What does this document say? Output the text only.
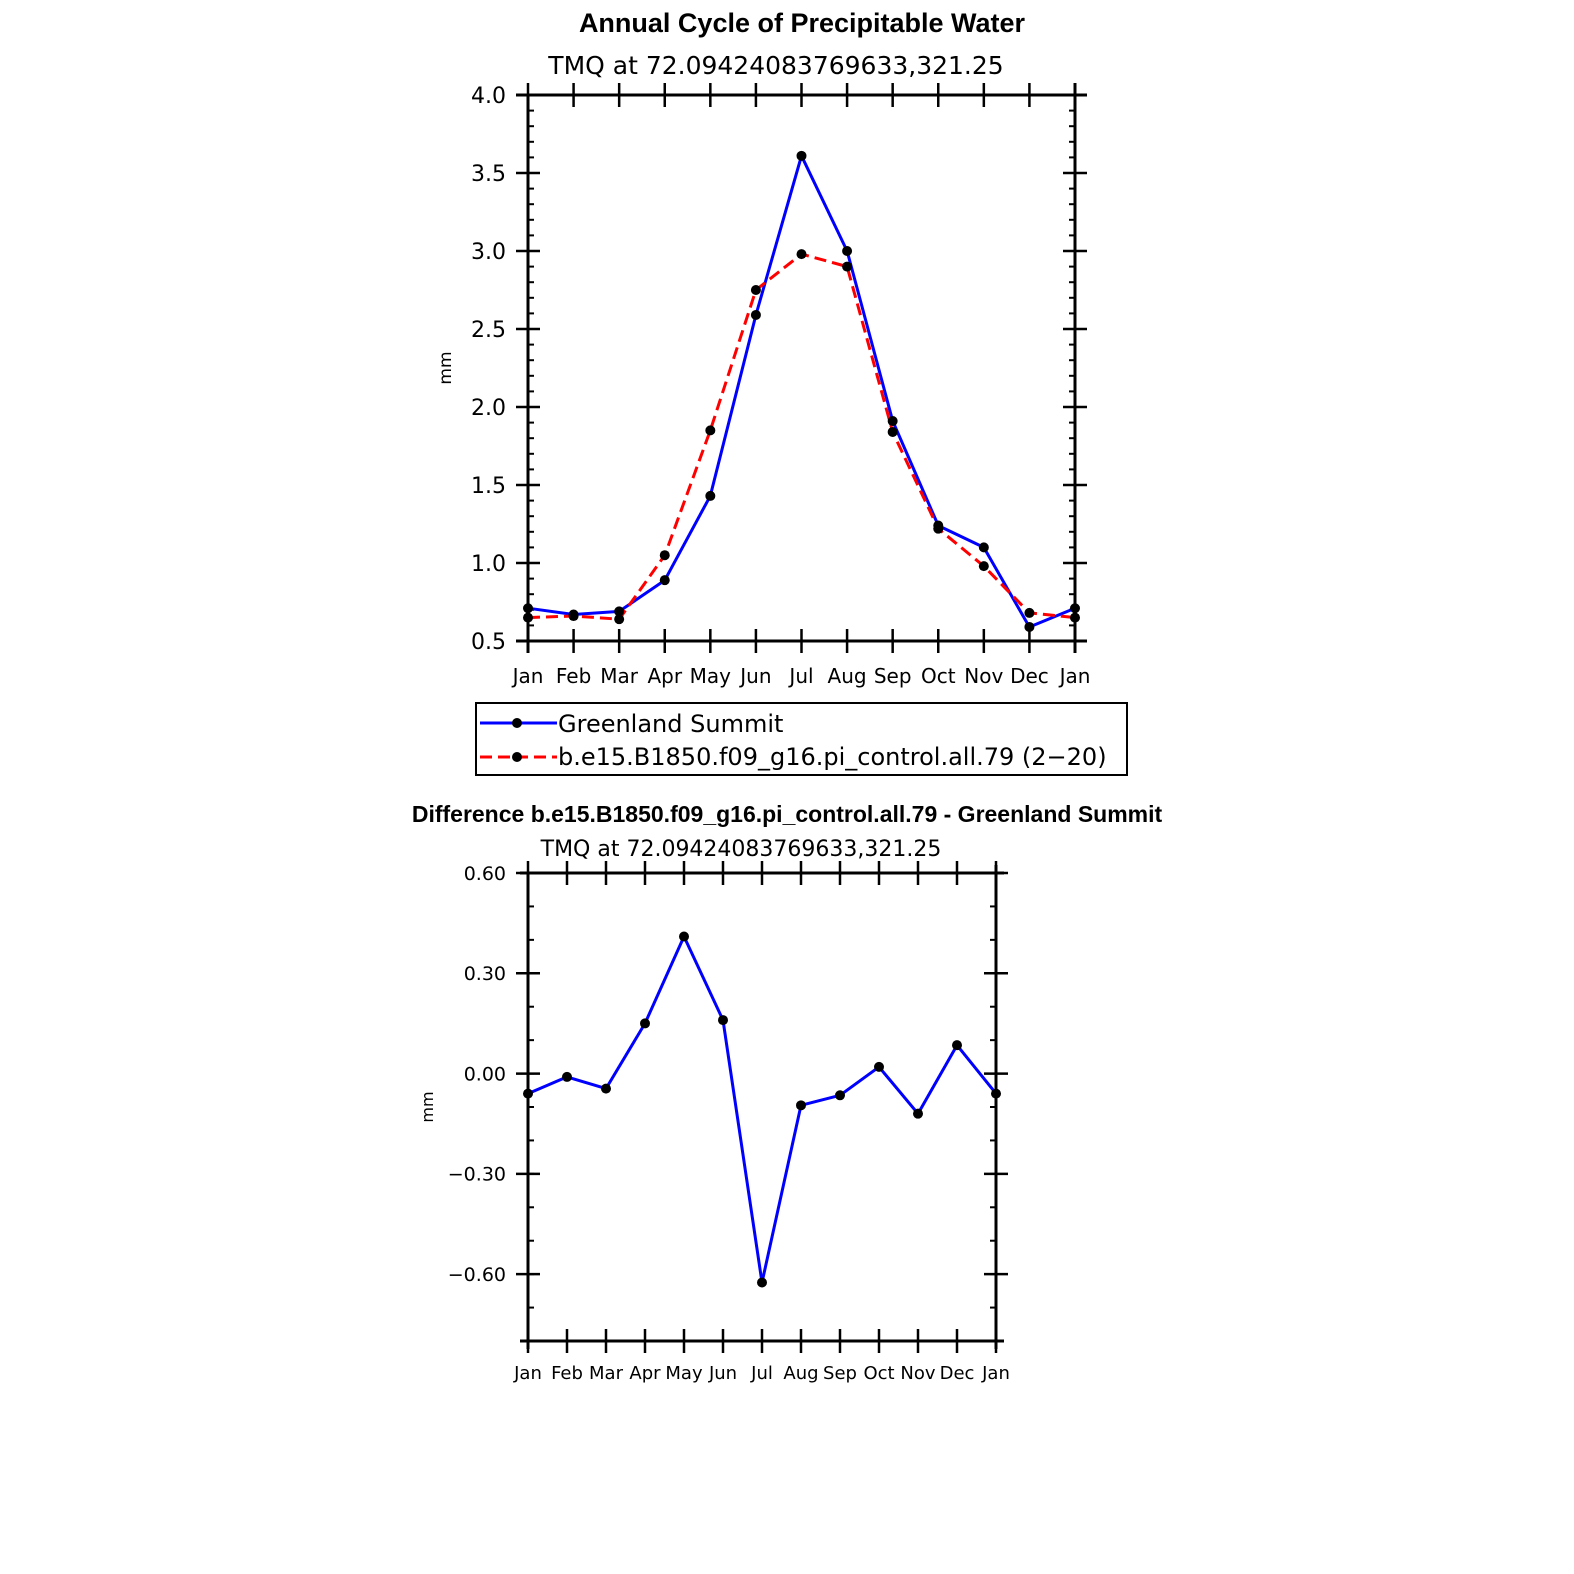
Annual Cycle of Precipitable Water
Difference b.e15.B1850.f09_g16.pi_control.all.79 - Greenland Summit
TMQ at 72.09424083769633,321.25
mm
Jan Feb Mar Apr May Jun Jul Aug Sep Oct Nov Dec Jan
0.5
1.0
1.5
2.0
2.5
3.0
3.5
4.0
Greenland Summit
b.e15.B1850.f09_g16.pi_control.all.79 (2−20)
TMQ at 72.09424083769633,321.25
mm
Jan Feb Mar Apr May Jun Jul Aug Sep Oct Nov Dec Jan
−0.60
−0.30
0.00
0.30
0.60
